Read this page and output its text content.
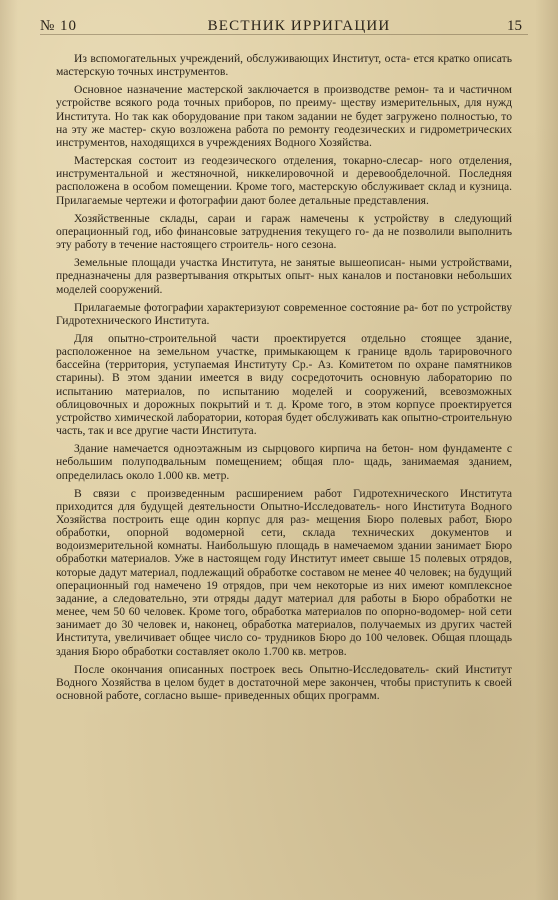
№ 10	ВЕСТНИК ИРРИГАЦИИ	15

Из вспомогательных учреждений, обслуживающих Институт, оста- ется кратко описать мастерскую точных инструментов.

Основное назначение мастерской заключается в производстве ремон- та и частичном устройстве всякого рода точных приборов, по преиму- ществу измерительных, для нужд Института. Но так как оборудование при таком задании не будет загружено полностью, то на эту же мастер- скую возложена работа по ремонту геодезических и гидрометрических инструментов, находящихся в учреждениях Водного Хозяйства.

Мастерская состоит из геодезического отделения, токарно-слесар- ного отделения, инструментальной и жестяночной, никкелировочной и деревообделочной. Последняя расположена в особом помещении. Кроме того, мастерскую обслуживает склад и кузница. Прилагаемые чертежи и фотографии дают более детальные представления.

Хозяйственные склады, сараи и гараж намечены к устройству в следующий операционный год, ибо финансовые затруднения текущего го- да не позволили выполнить эту работу в течение настоящего строитель- ного сезона.

Земельные площади участка Института, не занятые вышеописан- ными устройствами, предназначены для развертывания открытых опыт- ных каналов и постановки небольших моделей сооружений.

Прилагаемые фотографии характеризуют современное состояние ра- бот по устройству Гидротехнического Института.

Для опытно-строительной части проектируется отдельно стоящее здание, расположенное на земельном участке, примыкающем к границе вдоль тарировочного бассейна (территория, уступаемая Институту Ср.- Аз. Комитетом по охране памятников старины). В этом здании имеется в виду сосредоточить основную лабораторию по испытанию материалов, по испытанию моделей и сооружений, всевозможных облицовочных и дорожных покрытий и т. д. Кроме того, в этом корпусе проектируется устройство химической лаборатории, которая будет обслуживать как опытно-строительную часть, так и все другие части Института.

Здание намечается одноэтажным из сырцового кирпича на бетон- ном фундаменте с небольшим полуподвальным помещением; общая пло- щадь, занимаемая зданием, определилась около 1.000 кв. метр.

В связи с произведенным расширением работ Гидротехнического Института приходится для будущей деятельности Опытно-Исследователь- ного Института Водного Хозяйства построить еще один корпус для раз- мещения Бюро полевых работ, Бюро обработки, опорной водомерной сети, склада технических документов и водоизмерительной комнаты. Наибольшую площадь в намечаемом здании занимает Бюро обработки материалов. Уже в настоящем году Институт имеет свыше 15 полевых отрядов, которые дадут материал, подлежащий обработке составом не менее 40 человек; на будущий операционный год намечено 19 отрядов, при чем некоторые из них имеют комплексное задание, а следовательно, эти отряды дадут материал для работы в Бюро обработки не менее, чем 50 60 человек. Кроме того, обработка материалов по опорно-водомер- ной сети занимает до 30 человек и, наконец, обработка материалов, получаемых из других частей Института, увеличивает общее число со- трудников Бюро до 100 человек. Общая площадь здания Бюро обработки составляет около 1.700 кв. метров.

После окончания описанных построек весь Опытно-Исследователь- ский Институт Водного Хозяйства в целом будет в достаточной мере закончен, чтобы приступить к своей основной работе, согласно выше- приведенных общих программ.
